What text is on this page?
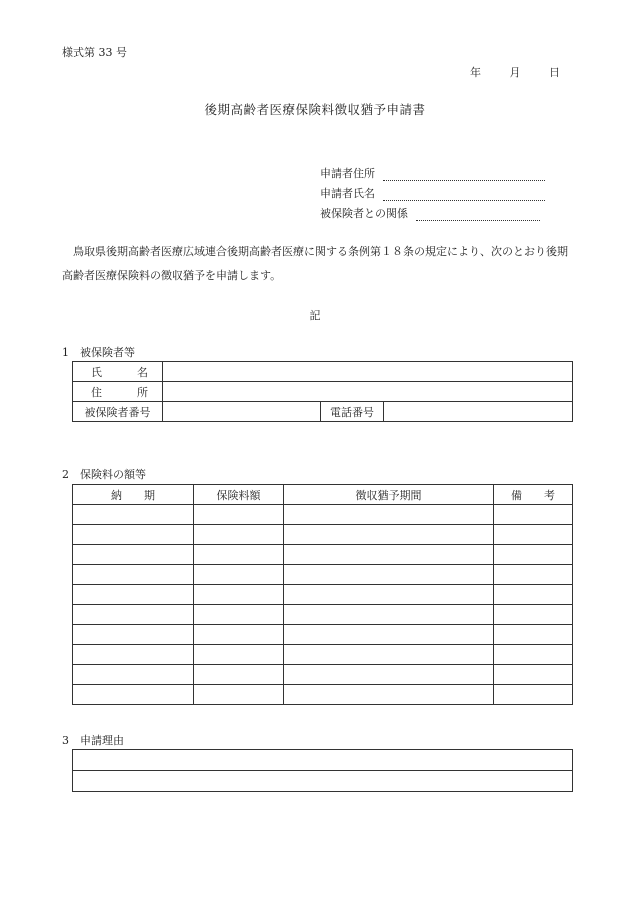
様式第 33 号
年	月	日
後期高齢者医療保険料徴収猶予申請書
申請者住所
申請者氏名
被保険者との関係
鳥取県後期高齢者医療広域連合後期高齢者医療に関する条例第１８条の規定により、次のとおり後期高齢者医療保険料の徴収猶予を申請します。
記
1 被保険者等
氏 名			

住 所			

被保険者番号		電話番号	
2 保険料の額等
納　　期	保険料額	徴収猶予期間	備　　考

3 申請理由
